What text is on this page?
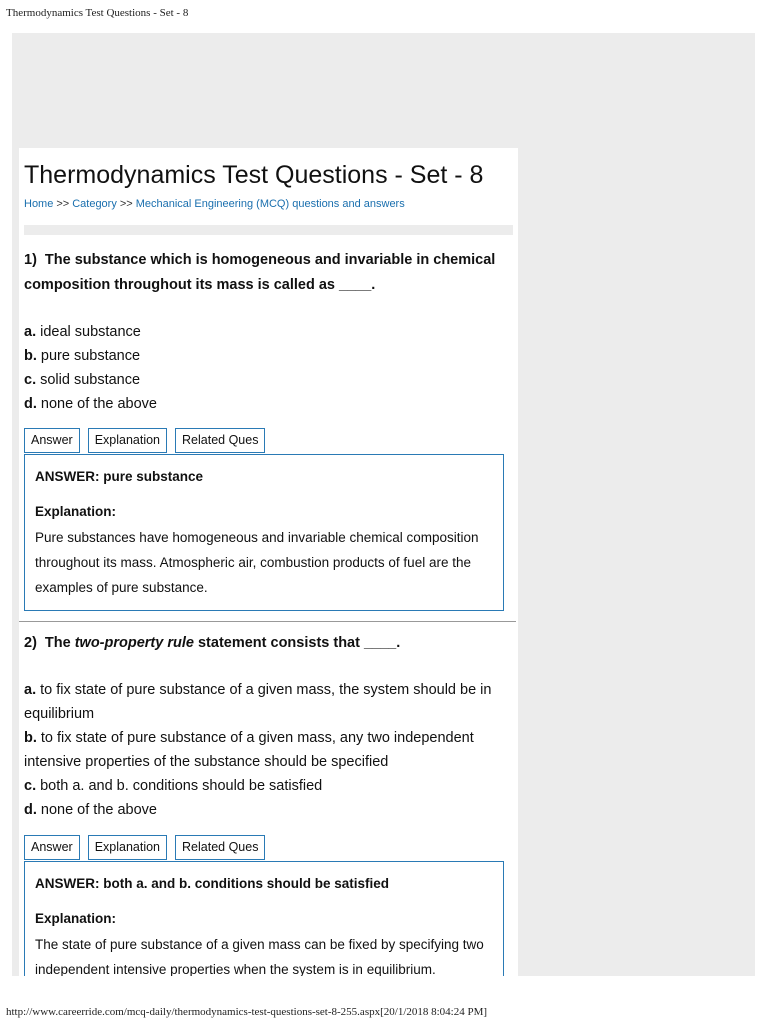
Thermodynamics Test Questions - Set - 8
Thermodynamics Test Questions - Set - 8
Home >> Category >> Mechanical Engineering (MCQ) questions and answers
1) The substance which is homogeneous and invariable in chemical composition throughout its mass is called as ____.
a. ideal substance
b. pure substance
c. solid substance
d. none of the above
Answer	Explanation	Related Ques
ANSWER: pure substance
Explanation:
Pure substances have homogeneous and invariable chemical composition throughout its mass. Atmospheric air, combustion products of fuel are the examples of pure substance.
2) The two-property rule statement consists that ____.
a. to fix state of pure substance of a given mass, the system should be in equilibrium
b. to fix state of pure substance of a given mass, any two independent intensive properties of the substance should be specified
c. both a. and b. conditions should be satisfied
d. none of the above
Answer	Explanation	Related Ques
ANSWER: both a. and b. conditions should be satisfied
Explanation:
The state of pure substance of a given mass can be fixed by specifying two independent intensive properties when the system is in equilibrium.
http://www.careerride.com/mcq-daily/thermodynamics-test-questions-set-8-255.aspx[20/1/2018 8:04:24 PM]
